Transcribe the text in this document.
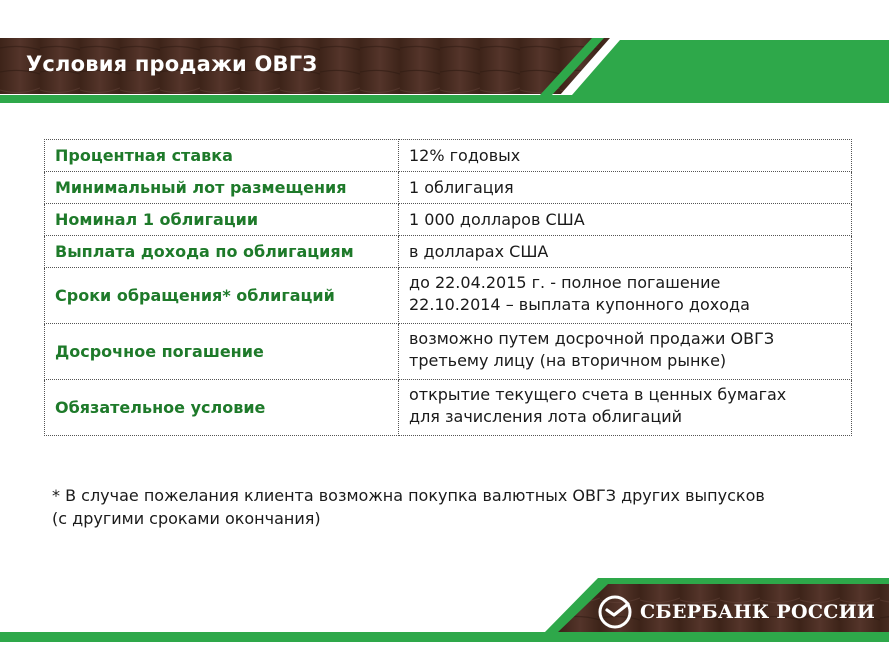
Условия продажи ОВГЗ
Процентная ставка	12% годовых
Минимальный лот размещения	1 облигация
Номинал 1 облигации	1 000 долларов США
Выплата дохода по облигациям	в долларах США
Сроки обращения* облигаций	до 22.04.2015 г. - полное погашение
22.10.2014 – выплата купонного дохода

Досрочное погашение	возможно путем досрочной продажи ОВГЗ
третьему лицу (на вторичном рынке)

Обязательное условие	открытие текущего счета в ценных бумагах
для зачисления лота облигаций
* В случае пожелания клиента возможна покупка валютных ОВГЗ других выпусков
(с другими сроками окончания)
СБЕРБАНК РОССИИ
